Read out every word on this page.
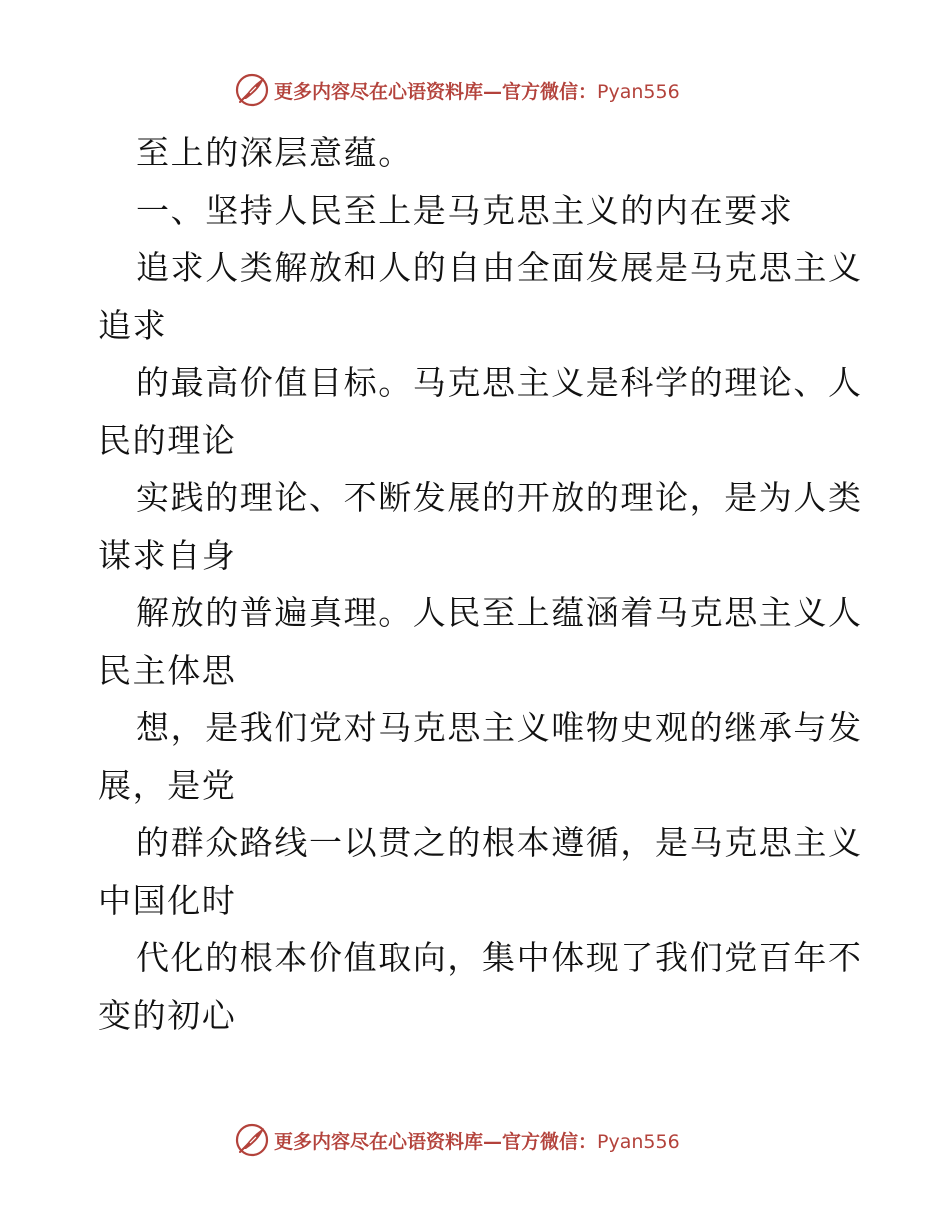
更多内容尽在心语资料库—官方微信：Pyan556
至上的深层意蕴。
一、坚持人民至上是马克思主义的内在要求
追求人类解放和人的自由全面发展是马克思主义
追求
的最高价值目标。马克思主义是科学的理论、人
民的理论
实践的理论、不断发展的开放的理论，是为人类
谋求自身
解放的普遍真理。人民至上蕴涵着马克思主义人
民主体思
想，是我们党对马克思主义唯物史观的继承与发
展，是党
的群众路线一以贯之的根本遵循，是马克思主义
中国化时
代化的根本价值取向，集中体现了我们党百年不
变的初心
更多内容尽在心语资料库—官方微信：Pyan556
